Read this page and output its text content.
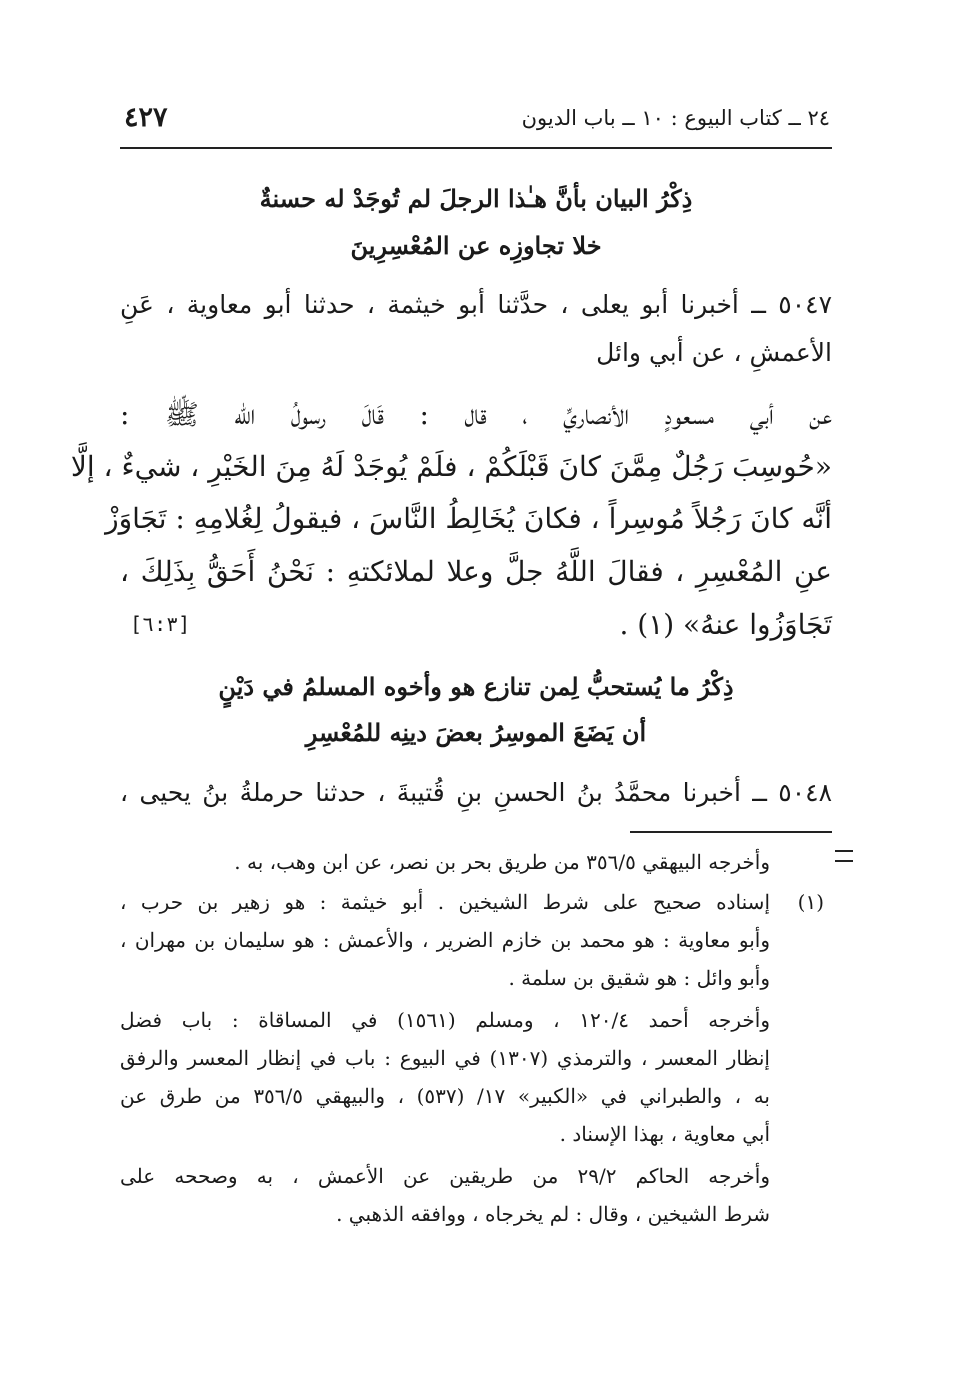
٢٤ ــ كتاب البيوع : ١٠ ــ باب الديون
٤٢٧
ذِكْرُ البيان بأنَّ هـٰذا الرجلَ لم تُوجَدْ له حسنةٌ
خلا تجاوزِه عن المُعْسِرِينَ
٥٠٤٧ ــ أخبرنا أبو يعلى ، حدَّثنا أبو خيثمة ، حدثنا أبو معاوية ، عَنِ
الأعمشِ ، عن أبي وائل
عن أبي مسعودٍ الأنصاريِّ ، قال : قَالَ رسولُ الله ﷺ :
«حُوسِبَ رَجُلٌ مِمَّنَ كانَ قَبْلَكُمْ ، فلَمْ يُوجَدْ لَهُ مِنَ الخَيْرِ ، شيءٌ ، إلَّا
أنَّه كانَ رَجُلاً مُوسِراً ، فكانَ يُخَالِطُ النَّاسَ ، فيقولُ لِغُلامِهِ : تَجَاوَزْ
عنِ المُعْسِرِ ، فقالَ اللَّهُ جلَّ وعلا لملائكتهِ : نَحْنُ أَحَقُّ بِذَلِكَ ،
تَجَاوَزُوا عنهُ» (١) .
[٦:٣]
ذِكْرُ ما يُستحبُّ لِمن تنازع هو وأخوه المسلمُ في دَيْنٍ
أن يَضَعَ الموسِرُ بعضَ دينِه للمُعْسِرِ
٥٠٤٨ ــ أخبرنا محمَّدُ بنُ الحسنِ بنِ قُتيبةَ ، حدثنا حرملةُ بنُ يحيى ،
وأخرجه البيهقي ٣٥٦/٥ من طريق بحر بن نصر، عن ابن وهب، به .
(١)
إسناده صحيح على شرط الشيخين . أبو خيثمة : هو زهير بن حرب ،
وأبو معاوية : هو محمد بن خازم الضرير ، والأعمش : هو سليمان بن مهران ،
وأبو وائل : هو شقيق بن سلمة .
وأخرجه أحمد ١٢٠/٤ ، ومسلم (١٥٦١) في المساقاة : باب فضل
إنظار المعسر ، والترمذي (١٣٠٧) في البيوع : باب في إنظار المعسر والرفق
به ، والطبراني في «الكبير» ١٧/ (٥٣٧) ، والبيهقي ٣٥٦/٥ من طرق عن
أبي معاوية ، بهذا الإسناد .
وأخرجه الحاكم ٢٩/٢ من طريقين عن الأعمش ، به وصححه على
شرط الشيخين ، وقال : لم يخرجاه ، ووافقه الذهبي .
